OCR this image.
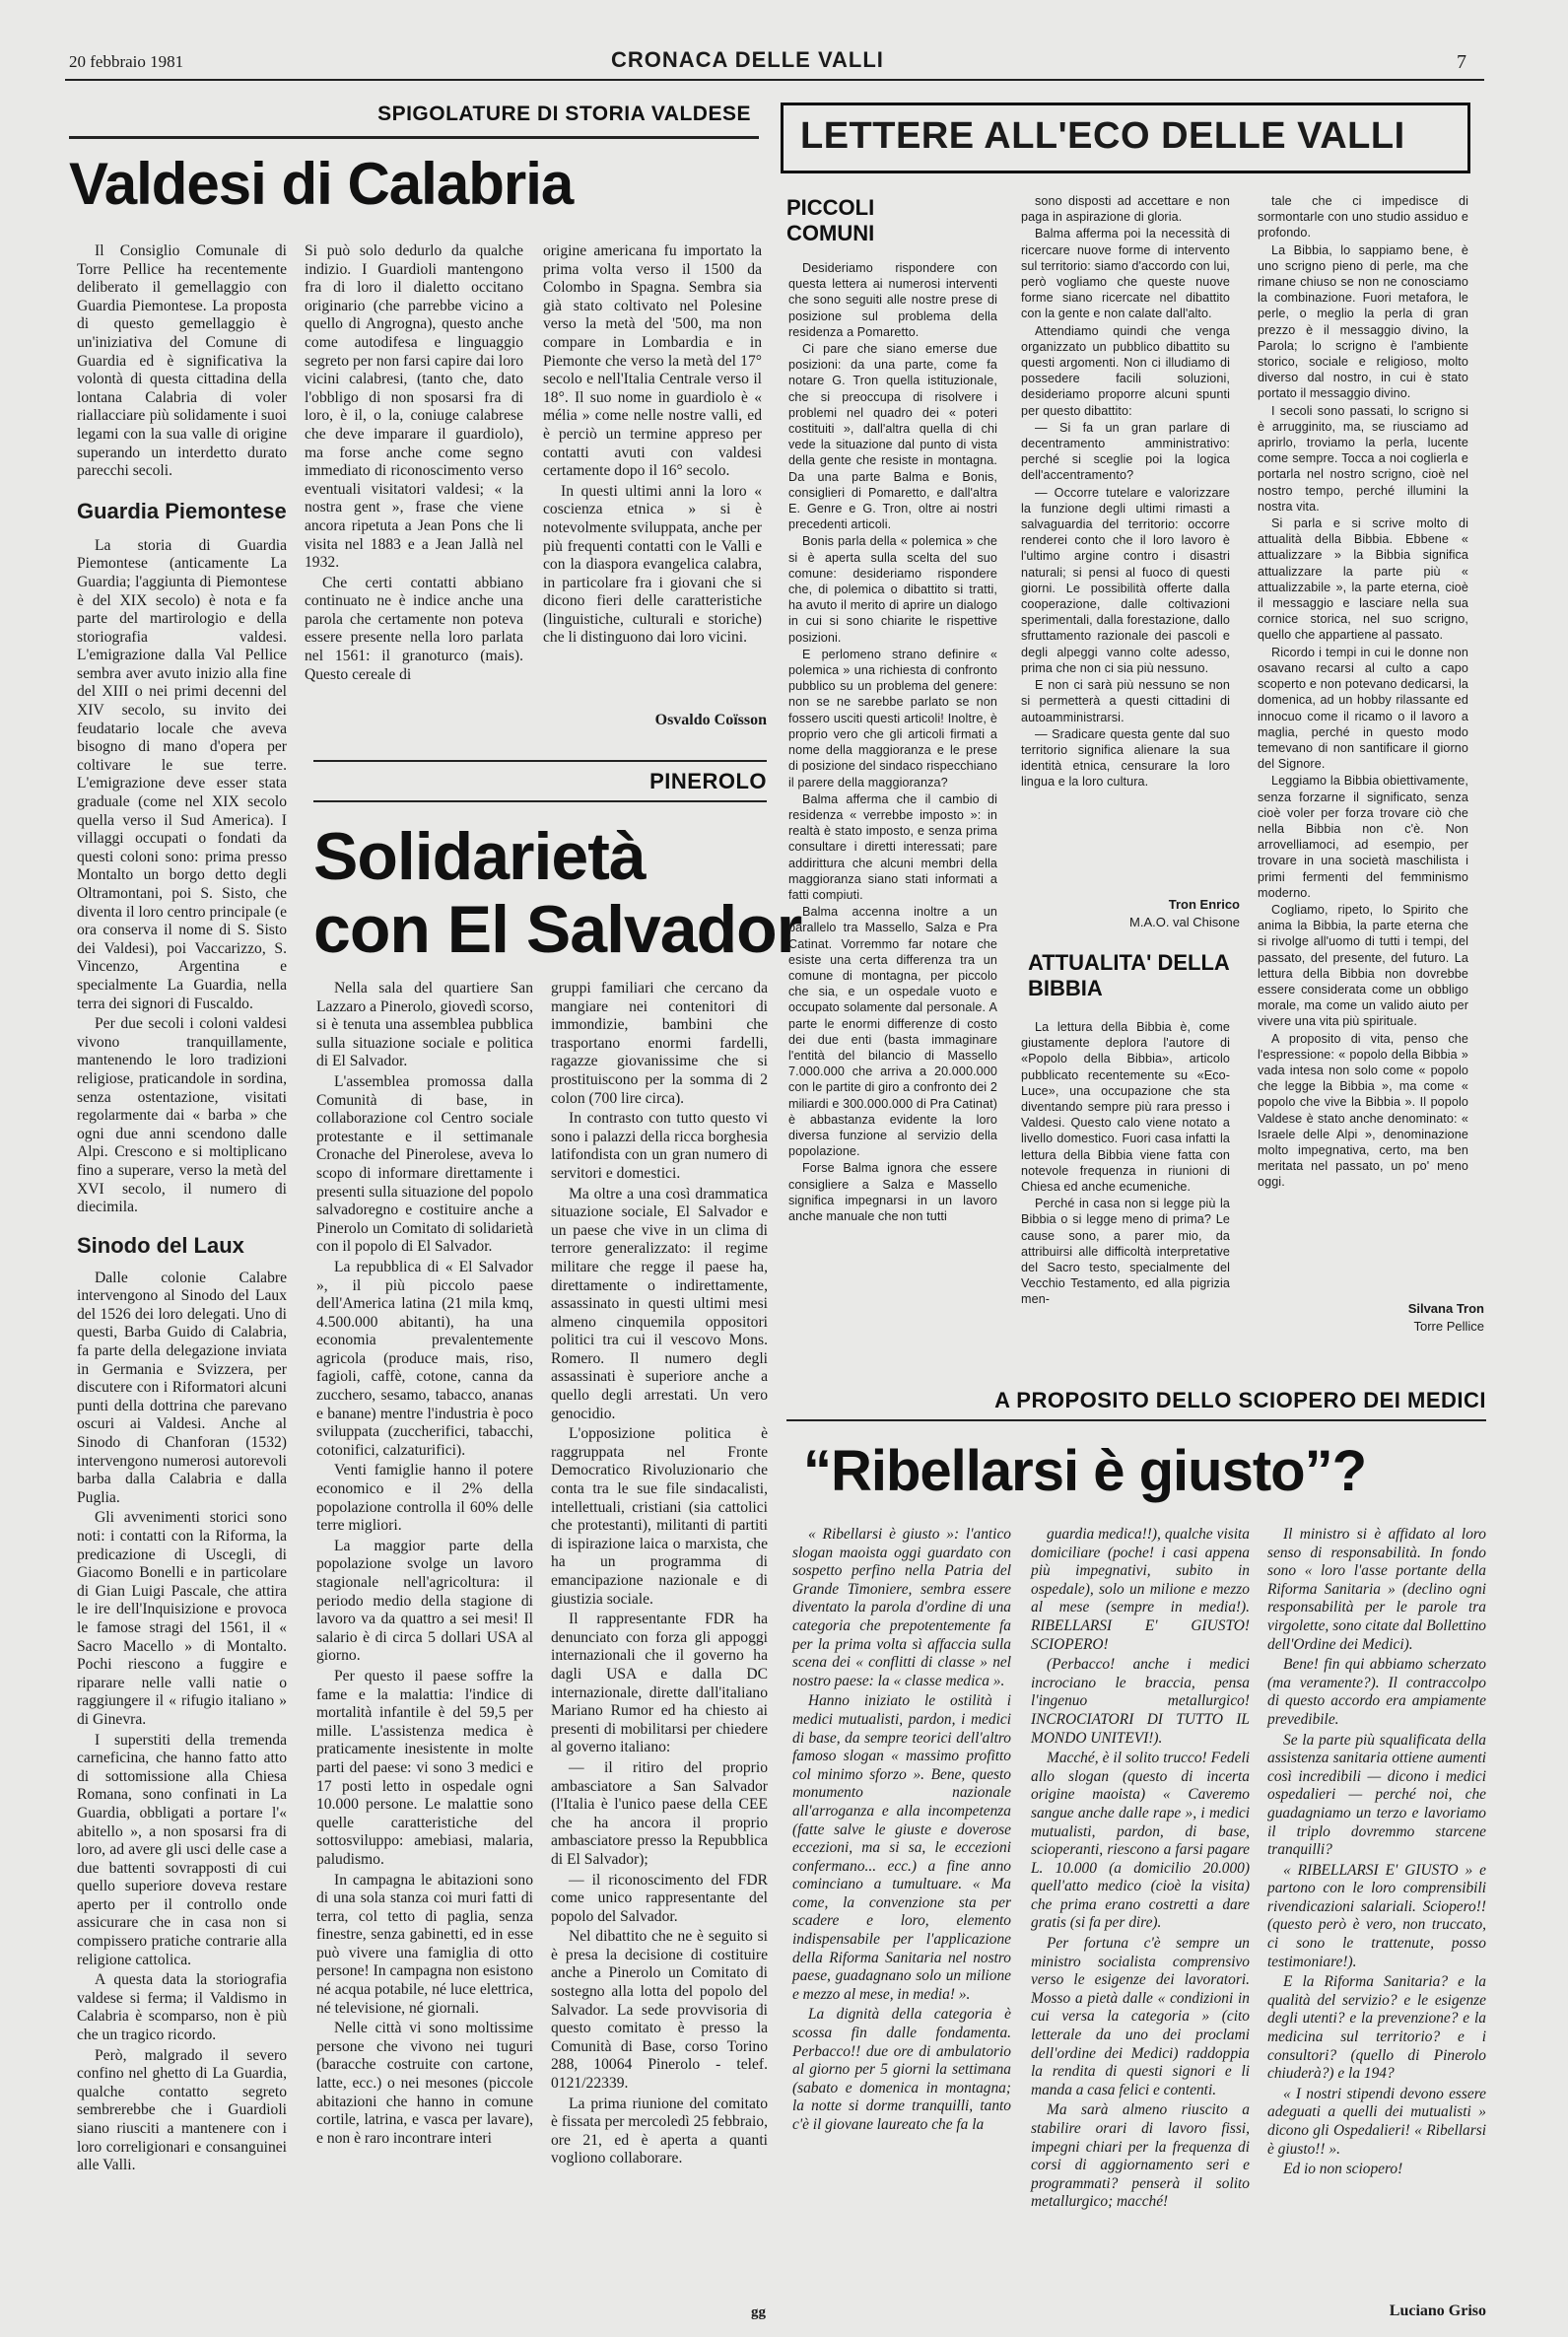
20 febbraio 1981	CRONACA DELLE VALLI	7
SPIGOLATURE DI STORIA VALDESE
Valdesi di Calabria

Il Consiglio Comunale di Torre Pellice ha recentemente deliberato il gemellaggio con Guardia Piemontese. La proposta di questo gemellaggio è un'iniziativa del Comune di Guardia ed è significativa la volontà di questa cittadina della lontana Calabria di voler riallacciare più solidamente i suoi legami con la sua valle di origine superando un interdetto durato parecchi secoli.

Guardia Piemontese

La storia di Guardia Piemontese (anticamente La Guardia; l'aggiunta di Piemontese è del XIX secolo) è nota e fa parte del martirologio e della storiografia valdesi. L'emigrazione dalla Val Pellice sembra aver avuto inizio alla fine del XIII o nei primi decenni del XIV secolo, su invito dei feudatario locale che aveva bisogno di mano d'opera per coltivare le sue terre. L'emigrazione deve esser stata graduale (come nel XIX secolo quella verso il Sud America). I villaggi occupati o fondati da questi coloni sono: prima presso Montalto un borgo detto degli Oltramontani, poi S. Sisto, che diventa il loro centro principale (e ora conserva il nome di S. Sisto dei Valdesi), poi Vaccarizzo, S. Vincenzo, Argentina e specialmente La Guardia, nella terra dei signori di Fuscaldo.

Per due secoli i coloni valdesi vivono tranquillamente, mantenendo le loro tradizioni religiose, praticandole in sordina, senza ostentazione, visitati regolarmente dai « barba » che ogni due anni scendono dalle Alpi. Crescono e si moltiplicano fino a superare, verso la metà del XVI secolo, il numero di diecimila.

Sinodo del Laux

Dalle colonie Calabre intervengono al Sinodo del Laux del 1526 dei loro delegati. Uno di questi, Barba Guido di Calabria, fa parte della delegazione inviata in Germania e Svizzera, per discutere con i Riformatori alcuni punti della dottrina che parevano oscuri ai Valdesi. Anche al Sinodo di Chanforan (1532) intervengono numerosi autorevoli barba dalla Calabria e dalla Puglia.

Gli avvenimenti storici sono noti: i contatti con la Riforma, la predicazione di Uscegli, di Giacomo Bonelli e in particolare di Gian Luigi Pascale, che attira le ire dell'Inquisizione e provoca le famose stragi del 1561, il « Sacro Macello » di Montalto. Pochi riescono a fuggire e riparare nelle valli natie o raggiungere il « rifugio italiano » di Ginevra.

I superstiti della tremenda carneficina, che hanno fatto atto di sottomissione alla Chiesa Romana, sono confinati in La Guardia, obbligati a portare l'« abitello », a non sposarsi fra di loro, ad avere gli usci delle case a due battenti sovrapposti di cui quello superiore doveva restare aperto per il controllo onde assicurare che in casa non si compissero pratiche contrarie alla religione cattolica.

A questa data la storiografia valdese si ferma; il Valdismo in Calabria è scomparso, non è più che un tragico ricordo.

Però, malgrado il severo confino nel ghetto di La Guardia, qualche contatto segreto sembrerebbe che i Guardioli siano riusciti a mantenere con i loro correligionari e consanguinei alle Valli.

Si può solo dedurlo da qualche indizio. I Guardioli mantengono fra di loro il dialetto occitano originario (che parrebbe vicino a quello di Angrogna), questo anche come autodifesa e linguaggio segreto per non farsi capire dai loro vicini calabresi, (tanto che, dato l'obbligo di non sposarsi fra di loro, è il, o la, coniuge calabrese che deve imparare il guardiolo), ma forse anche come segno immediato di riconoscimento verso eventuali visitatori valdesi; « la nostra gent », frase che viene ancora ripetuta a Jean Pons che li visita nel 1883 e a Jean Jallà nel 1932.

Che certi contatti abbiano continuato ne è indice anche una parola che certamente non poteva essere presente nella loro parlata nel 1561: il granoturco (mais). Questo cereale di

origine americana fu importato la prima volta verso il 1500 da Colombo in Spagna. Sembra sia già stato coltivato nel Polesine verso la metà del '500, ma non compare in Lombardia e in Piemonte che verso la metà del 17° secolo e nell'Italia Centrale verso il 18°. Il suo nome in guardiolo è « mélia » come nelle nostre valli, ed è perciò un termine appreso per contatti avuti con valdesi certamente dopo il 16° secolo.

In questi ultimi anni la loro « coscienza etnica » si è notevolmente sviluppata, anche per più frequenti contatti con le Valli e con la diaspora evangelica calabra, in particolare fra i giovani che si dicono fieri delle caratteristiche (linguistiche, culturali e storiche) che li distinguono dai loro vicini.

Osvaldo Coïsson
PINEROLO
Solidarietà
con El Salvador

Nella sala del quartiere San Lazzaro a Pinerolo, giovedì scorso, si è tenuta una assemblea pubblica sulla situazione sociale e politica di El Salvador.

L'assemblea promossa dalla Comunità di base, in collaborazione col Centro sociale protestante e il settimanale Cronache del Pinerolese, aveva lo scopo di informare direttamente i presenti sulla situazione del popolo salvadoregno e costituire anche a Pinerolo un Comitato di solidarietà con il popolo di El Salvador.

La repubblica di « El Salvador », il più piccolo paese dell'America latina (21 mila kmq, 4.500.000 abitanti), ha una economia prevalentemente agricola (produce mais, riso, fagioli, caffè, cotone, canna da zucchero, sesamo, tabacco, ananas e banane) mentre l'industria è poco sviluppata (zuccherifici, tabacchi, cotonifici, calzaturifici).

Venti famiglie hanno il potere economico e il 2% della popolazione controlla il 60% delle terre migliori.

La maggior parte della popolazione svolge un lavoro stagionale nell'agricoltura: il periodo medio della stagione di lavoro va da quattro a sei mesi! Il salario è di circa 5 dollari USA al giorno.

Per questo il paese soffre la fame e la malattia: l'indice di mortalità infantile è del 59,5 per mille. L'assistenza medica è praticamente inesistente in molte parti del paese: vi sono 3 medici e 17 posti letto in ospedale ogni 10.000 persone. Le malattie sono quelle caratteristiche del sottosviluppo: amebiasi, malaria, paludismo.

In campagna le abitazioni sono di una sola stanza coi muri fatti di terra, col tetto di paglia, senza finestre, senza gabinetti, ed in esse può vivere una famiglia di otto persone! In campagna non esistono né acqua potabile, né luce elettrica, né televisione, né giornali.

Nelle città vi sono moltissime persone che vivono nei tuguri (baracche costruite con cartone, latte, ecc.) o nei mesones (piccole abitazioni che hanno in comune cortile, latrina, e vasca per lavare), e non è raro incontrare interi

gruppi familiari che cercano da mangiare nei contenitori di immondizie, bambini che trasportano enormi fardelli, ragazze giovanissime che si prostituiscono per la somma di 2 colon (700 lire circa).

In contrasto con tutto questo vi sono i palazzi della ricca borghesia latifondista con un gran numero di servitori e domestici.

Ma oltre a una così drammatica situazione sociale, El Salvador e un paese che vive in un clima di terrore generalizzato: il regime militare che regge il paese ha, direttamente o indirettamente, assassinato in questi ultimi mesi almeno cinquemila oppositori politici tra cui il vescovo Mons. Romero. Il numero degli assassinati è superiore anche a quello degli arrestati. Un vero genocidio.

L'opposizione politica è raggruppata nel Fronte Democratico Rivoluzionario che conta tra le sue file sindacalisti, intellettuali, cristiani (sia cattolici che protestanti), militanti di partiti di ispirazione laica o marxista, che ha un programma di emancipazione nazionale e di giustizia sociale.

Il rappresentante FDR ha denunciato con forza gli appoggi internazionali che il governo ha dagli USA e dalla DC internazionale, dirette dall'italiano Mariano Rumor ed ha chiesto ai presenti di mobilitarsi per chiedere al governo italiano:

— il ritiro del proprio ambasciatore a San Salvador (l'Italia è l'unico paese della CEE che ha ancora il proprio ambasciatore presso la Repubblica di El Salvador);

— il riconoscimento del FDR come unico rappresentante del popolo del Salvador.

Nel dibattito che ne è seguito si è presa la decisione di costituire anche a Pinerolo un Comitato di sostegno alla lotta del popolo del Salvador. La sede provvisoria di questo comitato è presso la Comunità di Base, corso Torino 288, 10064 Pinerolo - telef. 0121/22339.

La prima riunione del comitato è fissata per mercoledì 25 febbraio, ore 21, ed è aperta a quanti vogliono collaborare.

gg
LETTERE ALL'ECO DELLE VALLI
PICCOLI COMUNI

Desideriamo rispondere con questa lettera ai numerosi interventi che sono seguiti alle nostre prese di posizione sul problema della residenza a Pomaretto.

Ci pare che siano emerse due posizioni: da una parte, come fa notare G. Tron quella istituzionale, che si preoccupa di risolvere i problemi nel quadro dei « poteri costituiti », dall'altra quella di chi vede la situazione dal punto di vista della gente che resiste in montagna. Da una parte Balma e Bonis, consiglieri di Pomaretto, e dall'altra E. Genre e G. Tron, oltre ai nostri precedenti articoli.

Bonis parla della « polemica » che si è aperta sulla scelta del suo comune: desideriamo rispondere che, di polemica o dibattito si tratti, ha avuto il merito di aprire un dialogo in cui si sono chiarite le rispettive posizioni.

E perlomeno strano definire « polemica » una richiesta di confronto pubblico su un problema del genere: non se ne sarebbe parlato se non fossero usciti questi articoli! Inoltre, è proprio vero che gli articoli firmati a nome della maggioranza e le prese di posizione del sindaco rispecchiano il parere della maggioranza?

Balma afferma che il cambio di residenza « verrebbe imposto »: in realtà è stato imposto, e senza prima consultare i diretti interessati; pare addirittura che alcuni membri della maggioranza siano stati informati a fatti compiuti.

Balma accenna inoltre a un parallelo tra Massello, Salza e Pra Catinat. Vorremmo far notare che esiste una certa differenza tra un comune di montagna, per piccolo che sia, e un ospedale vuoto e occupato solamente dal personale. A parte le enormi differenze di costo dei due enti (basta immaginare l'entità del bilancio di Massello 7.000.000 che arriva a 20.000.000 con le partite di giro a confronto dei 2 miliardi e 300.000.000 di Pra Catinat) è abbastanza evidente la loro diversa funzione al servizio della popolazione.

Forse Balma ignora che essere consigliere a Salza e Massello significa impegnarsi in un lavoro anche manuale che non tutti

sono disposti ad accettare e non paga in aspirazione di gloria.

Balma afferma poi la necessità di ricercare nuove forme di intervento sul territorio: siamo d'accordo con lui, però vogliamo che queste nuove forme siano ricercate nel dibattito con la gente e non calate dall'alto.

Attendiamo quindi che venga organizzato un pubblico dibattito su questi argomenti. Non ci illudiamo di possedere facili soluzioni, desideriamo proporre alcuni spunti per questo dibattito:

— Si fa un gran parlare di decentramento amministrativo: perché si sceglie poi la logica dell'accentramento?

— Occorre tutelare e valorizzare la funzione degli ultimi rimasti a salvaguardia del territorio: occorre renderei conto che il loro lavoro è l'ultimo argine contro i disastri naturali; si pensi al fuoco di questi giorni. Le possibilità offerte dalla cooperazione, dalle coltivazioni sperimentali, dalla forestazione, dallo sfruttamento razionale dei pascoli e degli alpeggi vanno colte adesso, prima che non ci sia più nessuno.

E non ci sarà più nessuno se non si permetterà a questi cittadini di autoamministrarsi.

— Sradicare questa gente dal suo territorio significa alienare la sua identità etnica, censurare la loro lingua e la loro cultura.

Tron Enrico
M.A.O. val Chisone
ATTUALITA' DELLA BIBBIA

La lettura della Bibbia è, come giustamente deplora l'autore di «Popolo della Bibbia», articolo pubblicato recentemente su «Eco-Luce», una occupazione che sta diventando sempre più rara presso i Valdesi. Questo calo viene notato a livello domestico. Fuori casa infatti la lettura della Bibbia viene fatta con notevole frequenza in riunioni di Chiesa ed anche ecumeniche.

Perché in casa non si legge più la Bibbia o si legge meno di prima? Le cause sono, a parer mio, da attribuirsi alle difficoltà interpretative del Sacro testo, specialmente del Vecchio Testamento, ed alla pigrizia men-

tale che ci impedisce di sormontarle con uno studio assiduo e profondo.

La Bibbia, lo sappiamo bene, è uno scrigno pieno di perle, ma che rimane chiuso se non ne conosciamo la combinazione. Fuori metafora, le perle, o meglio la perla di gran prezzo è il messaggio divino, la Parola; lo scrigno è l'ambiente storico, sociale e religioso, molto diverso dal nostro, in cui è stato portato il messaggio divino.

I secoli sono passati, lo scrigno si è arrugginito, ma, se riusciamo ad aprirlo, troviamo la perla, lucente come sempre. Tocca a noi coglierla e portarla nel nostro scrigno, cioè nel nostro tempo, perché illumini la nostra vita.

Si parla e si scrive molto di attualità della Bibbia. Ebbene « attualizzare » la Bibbia significa attualizzare la parte più « attualizzabile », la parte eterna, cioè il messaggio e lasciare nella sua cornice storica, nel suo scrigno, quello che appartiene al passato.

Ricordo i tempi in cui le donne non osavano recarsi al culto a capo scoperto e non potevano dedicarsi, la domenica, ad un hobby rilassante ed innocuo come il ricamo o il lavoro a maglia, perché in questo modo temevano di non santificare il giorno del Signore.

Leggiamo la Bibbia obiettivamente, senza forzarne il significato, senza cioè voler per forza trovare ciò che nella Bibbia non c'è. Non arrovelliamoci, ad esempio, per trovare in una società maschilista i primi fermenti del femminismo moderno.

Cogliamo, ripeto, lo Spirito che anima la Bibbia, la parte eterna che si rivolge all'uomo di tutti i tempi, del passato, del presente, del futuro. La lettura della Bibbia non dovrebbe essere considerata come un obbligo morale, ma come un valido aiuto per vivere una vita più spirituale.

A proposito di vita, penso che l'espressione: « popolo della Bibbia » vada intesa non solo come « popolo che legge la Bibbia », ma come « popolo che vive la Bibbia ». Il popolo Valdese è stato anche denominato: « Israele delle Alpi », denominazione molto impegnativa, certo, ma ben meritata nel passato, un po' meno oggi.

Silvana Tron
Torre Pellice
A PROPOSITO DELLO SCIOPERO DEI MEDICI
“Ribellarsi è giusto”?

« Ribellarsi è giusto »: l'antico slogan maoista oggi guardato con sospetto perfino nella Patria del Grande Timoniere, sembra essere diventato la parola d'ordine di una categoria che prepotentemente fa per la prima volta sì affaccia sulla scena dei « conflitti di classe » nel nostro paese: la « classe medica ».

Hanno iniziato le ostilità i medici mutualisti, pardon, i medici di base, da sempre teorici dell'altro famoso slogan « massimo profitto col minimo sforzo ». Bene, questo monumento nazionale all'arroganza e alla incompetenza (fatte salve le giuste e doverose eccezioni, ma si sa, le eccezioni confermano... ecc.) a fine anno cominciano a tumultuare. « Ma come, la convenzione sta per scadere e loro, elemento indispensabile per l'applicazione della Riforma Sanitaria nel nostro paese, guadagnano solo un milione e mezzo al mese, in media! ».

La dignità della categoria è scossa fin dalle fondamenta. Perbacco!! due ore di ambulatorio al giorno per 5 giorni la settimana (sabato e domenica in montagna; la notte si dorme tranquilli, tanto c'è il giovane laureato che fa la

guardia medica!!), qualche visita domiciliare (poche! i casi appena più impegnativi, subito in ospedale), solo un milione e mezzo al mese (sempre in media!). RIBELLARSI E' GIUSTO! SCIOPERO!

(Perbacco! anche i medici incrociano le braccia, pensa l'ingenuo metallurgico! INCROCIATORI DI TUTTO IL MONDO UNITEVI!).

Macché, è il solito trucco! Fedeli allo slogan (questo di incerta origine maoista) « Caveremo sangue anche dalle rape », i medici mutualisti, pardon, di base, scioperanti, riescono a farsi pagare L. 10.000 (a domicilio 20.000) quell'atto medico (cioè la visita) che prima erano costretti a dare gratis (si fa per dire).

Per fortuna c'è sempre un ministro socialista comprensivo verso le esigenze dei lavoratori. Mosso a pietà dalle « condizioni in cui versa la categoria » (cito letterale da uno dei proclami dell'ordine dei Medici) raddoppia la rendita di questi signori e li manda a casa felici e contenti.

Ma sarà almeno riuscito a stabilire orari di lavoro fissi, impegni chiari per la frequenza di corsi di aggiornamento seri e programmati? penserà il solito metallurgico; macché!

Il ministro si è affidato al loro senso di responsabilità. In fondo sono « loro l'asse portante della Riforma Sanitaria » (declino ogni responsabilità per le parole tra virgolette, sono citate dal Bollettino dell'Ordine dei Medici).

Bene! fin qui abbiamo scherzato (ma veramente?). Il contraccolpo di questo accordo era ampiamente prevedibile.

Se la parte più squalificata della assistenza sanitaria ottiene aumenti così incredibili — dicono i medici ospedalieri — perché noi, che guadagniamo un terzo e lavoriamo il triplo dovremmo starcene tranquilli?

« RIBELLARSI E' GIUSTO » e partono con le loro comprensibili rivendicazioni salariali. Sciopero!! (questo però è vero, non truccato, ci sono le trattenute, posso testimoniare!).

E la Riforma Sanitaria? e la qualità del servizio? e le esigenze degli utenti? e la prevenzione? e la medicina sul territorio? e i consultori? (quello di Pinerolo chiuderà?) e la 194?

« I nostri stipendi devono essere adeguati a quelli dei mutualisti » dicono gli Ospedalieri! « Ribellarsi è giusto!! ».

Ed io non sciopero!

Luciano Griso
